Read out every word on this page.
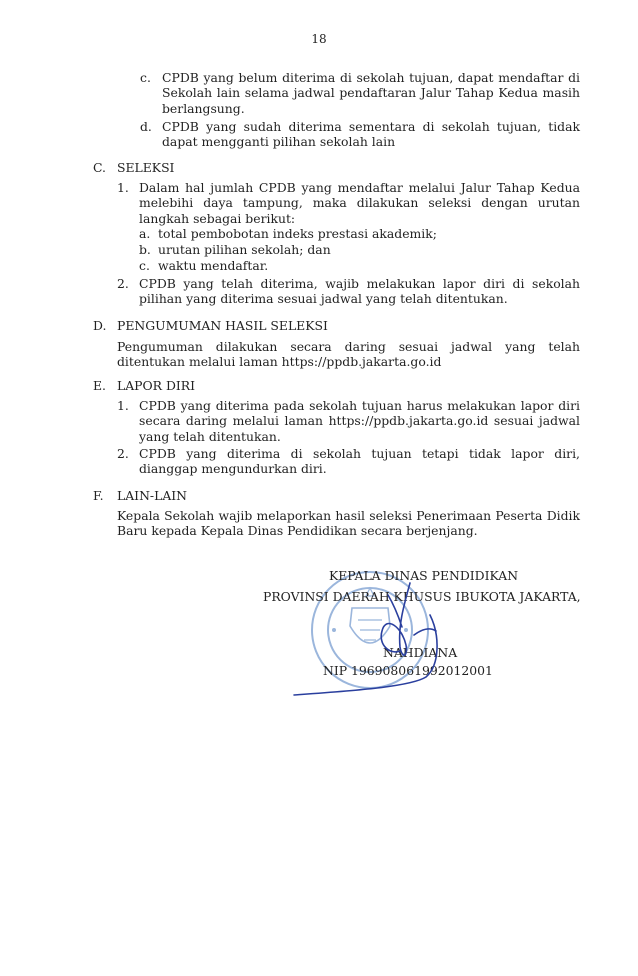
18
c. CPDB yang belum diterima di sekolah tujuan, dapat mendaftar di Sekolah lain selama jadwal pendaftaran Jalur Tahap Kedua masih berlangsung.
d. CPDB yang sudah diterima sementara di sekolah tujuan, tidak dapat mengganti pilihan sekolah lain
C. SELEKSI
1. Dalam hal jumlah CPDB yang mendaftar melalui Jalur Tahap Kedua melebihi daya tampung, maka dilakukan seleksi dengan urutan langkah sebagai berikut:
a. total pembobotan indeks prestasi akademik;
b. urutan pilihan sekolah; dan
c. waktu mendaftar.
2. CPDB yang telah diterima, wajib melakukan lapor diri di sekolah pilihan yang diterima sesuai jadwal yang telah ditentukan.
D. PENGUMUMAN HASIL SELEKSI
Pengumuman dilakukan secara daring sesuai jadwal yang telah ditentukan melalui laman https://ppdb.jakarta.go.id
E. LAPOR DIRI
1. CPDB yang diterima pada sekolah tujuan harus melakukan lapor diri secara daring melalui laman https://ppdb.jakarta.go.id sesuai jadwal yang telah ditentukan.
2. CPDB yang diterima di sekolah tujuan tetapi tidak lapor diri, dianggap mengundurkan diri.
F. LAIN-LAIN
Kepala Sekolah wajib melaporkan hasil seleksi Penerimaan Peserta Didik Baru kepada Kepala Dinas Pendidikan secara berjenjang.
KEPALA DINAS PENDIDIKAN
PROVINSI DAERAH KHUSUS IBUKOTA JAKARTA,
NAHDIANA
NIP 196908061992012001
